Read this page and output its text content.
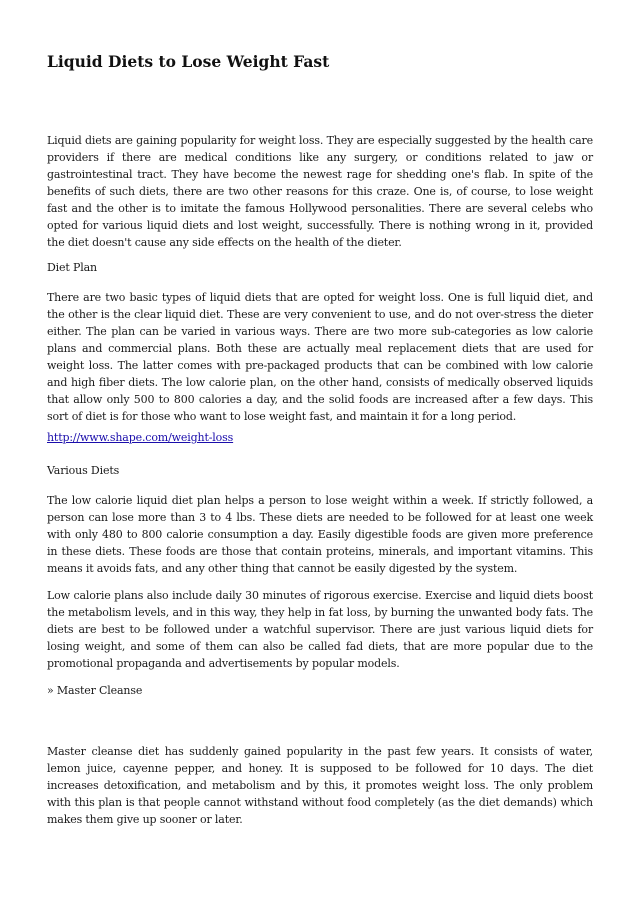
Liquid Diets to Lose Weight Fast

Liquid diets are gaining popularity for weight loss. They are especially suggested by the health care providers if there are medical conditions like any surgery, or conditions related to jaw or gastrointestinal tract. They have become the newest rage for shedding one's flab. In spite of the benefits of such diets, there are two other reasons for this craze. One is, of course, to lose weight fast and the other is to imitate the famous Hollywood personalities. There are several celebs who opted for various liquid diets and lost weight, successfully. There is nothing wrong in it, provided the diet doesn't cause any side effects on the health of the dieter.

Diet Plan

There are two basic types of liquid diets that are opted for weight loss. One is full liquid diet, and the other is the clear liquid diet. These are very convenient to use, and do not over-stress the dieter either. The plan can be varied in various ways. There are two more sub-categories as low calorie plans and commercial plans. Both these are actually meal replacement diets that are used for weight loss. The latter comes with pre-packaged products that can be combined with low calorie and high fiber diets. The low calorie plan, on the other hand, consists of medically observed liquids that allow only 500 to 800 calories a day, and the solid foods are increased after a few days. This sort of diet is for those who want to lose weight fast, and maintain it for a long period.

http://www.shape.com/weight-loss

Various Diets

The low calorie liquid diet plan helps a person to lose weight within a week. If strictly followed, a person can lose more than 3 to 4 lbs. These diets are needed to be followed for at least one week with only 480 to 800 calorie consumption a day. Easily digestible foods are given more preference in these diets. These foods are those that contain proteins, minerals, and important vitamins. This means it avoids fats, and any other thing that cannot be easily digested by the system.

Low calorie plans also include daily 30 minutes of rigorous exercise. Exercise and liquid diets boost the metabolism levels, and in this way, they help in fat loss, by burning the unwanted body fats. The diets are best to be followed under a watchful supervisor. There are just various liquid diets for losing weight, and some of them can also be called fad diets, that are more popular due to the promotional propaganda and advertisements by popular models.

» Master Cleanse

Master cleanse diet has suddenly gained popularity in the past few years. It consists of water, lemon juice, cayenne pepper, and honey. It is supposed to be followed for 10 days. The diet increases detoxification, and metabolism and by this, it promotes weight loss. The only problem with this plan is that people cannot withstand without food completely (as the diet demands) which makes them give up sooner or later.
